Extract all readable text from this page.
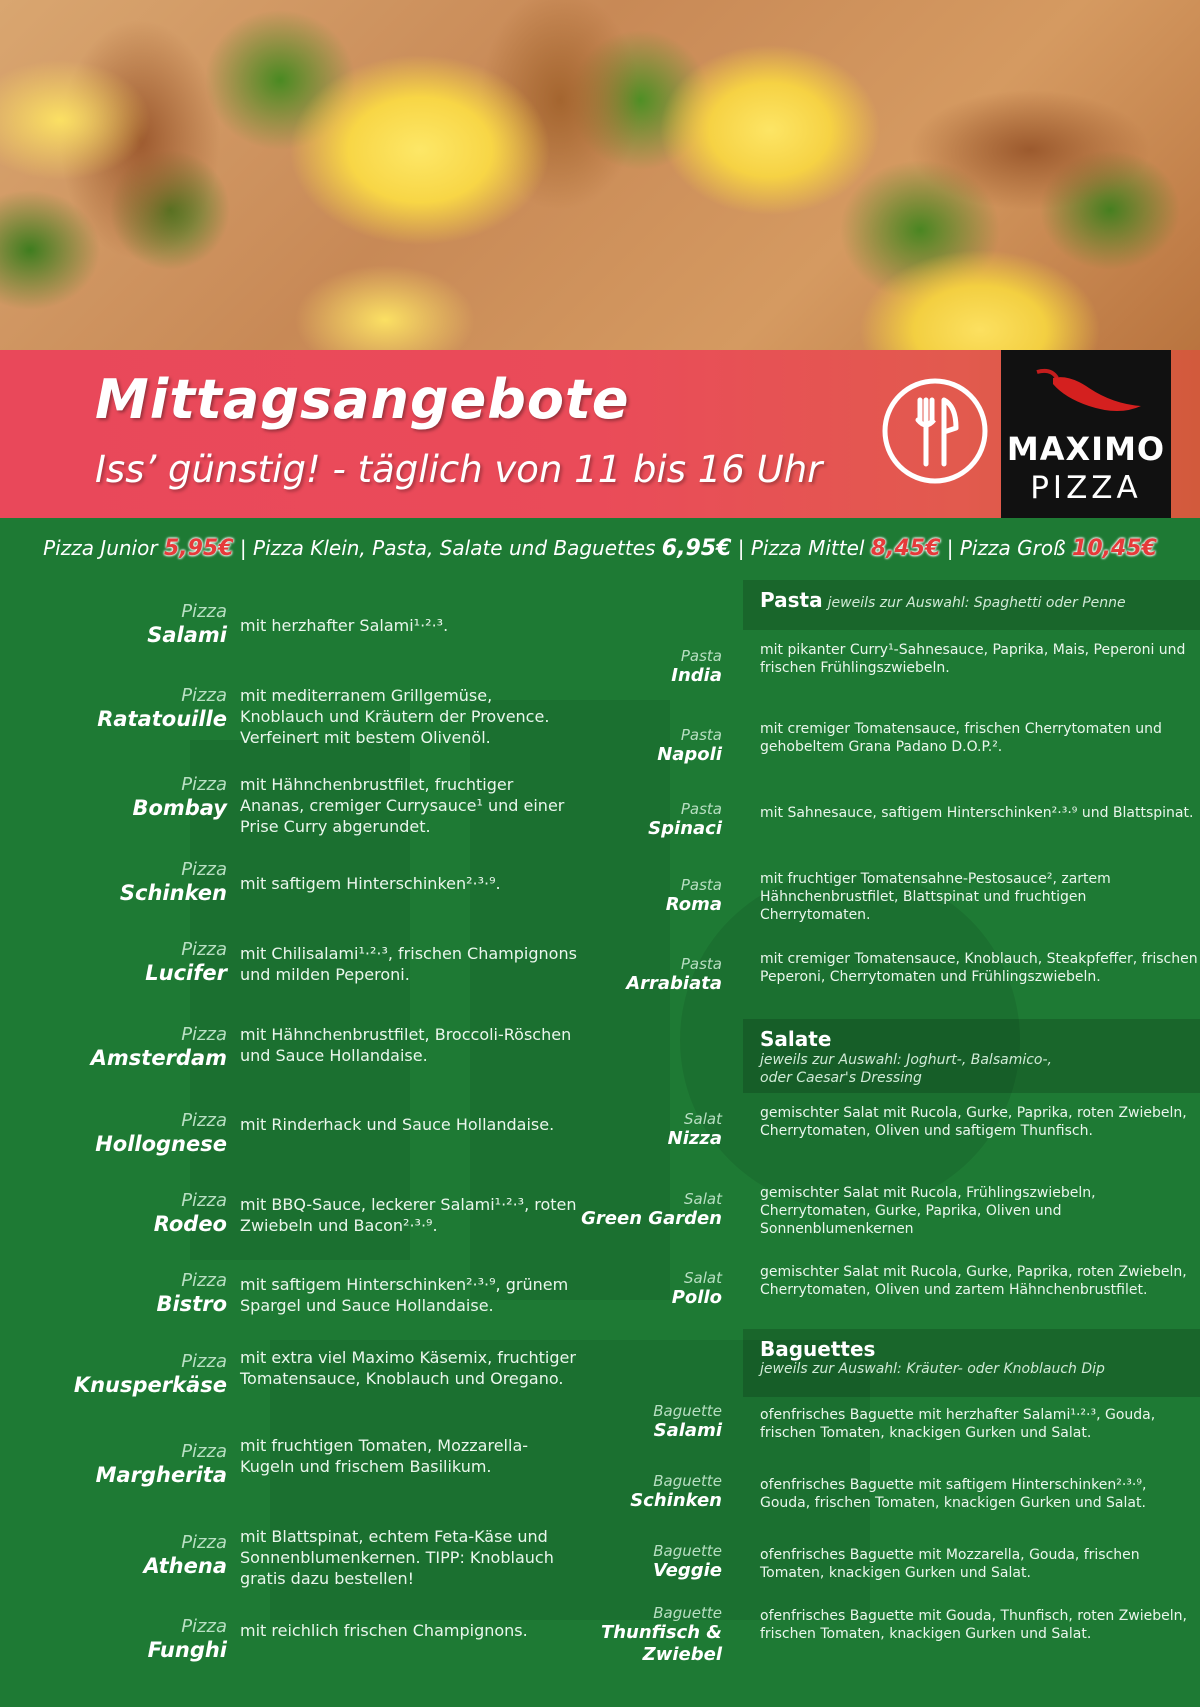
Mittagsangebote
Iss’ günstig! - täglich von 11 bis 16 Uhr	MAXIMO
PIZZA
Pizza Junior 5,95€ | Pizza Klein, Pasta, Salate und Baguettes 6,95€ | Pizza Mittel 8,45€ | Pizza Groß 10,45€
Pizza
Salami mit herzhafter Salami¹·²·³.
Pizza
Ratatouille
mit mediterranem Grillgemüse, Knoblauch und Kräutern der Provence. Verfeinert mit bestem Olivenöl.
Pizza
Bombay
mit Hähnchenbrustfilet, fruchtiger Ananas, cremiger Currysauce¹ und einer Prise Curry abgerundet.
Pizza
Schinken mit saftigem Hinterschinken²·³·⁹.
Pizza
Lucifer
mit Chilisalami¹·²·³, frischen Champignons und milden Peperoni.
Pizza
Amsterdam
mit Hähnchenbrustfilet, Broccoli-Röschen und Sauce Hollandaise.
Pizza
Hollognese
mit Rinderhack und Sauce Hollandaise.
Pizza
Rodeo
mit BBQ-Sauce, leckerer Salami¹·²·³, roten Zwiebeln und Bacon²·³·⁹.
Pizza
Bistro
mit saftigem Hinterschinken²·³·⁹, grünem Spargel und Sauce Hollandaise.
Pizza
Knusperkäse
mit extra viel Maximo Käsemix, fruchtiger Tomatensauce, Knoblauch und Oregano.
Pizza
Margherita
mit fruchtigen Tomaten, Mozzarella-Kugeln und frischem Basilikum.
Pizza
Athena
mit Blattspinat, echtem Feta-Käse und Sonnenblumenkernen. TIPP: Knoblauch gratis dazu bestellen!
Pizza
Funghi
mit reichlich frischen Champignons.
Pasta jeweils zur Auswahl: Spaghetti oder Penne
Pasta
India
mit pikanter Curry¹-Sahnesauce, Paprika, Mais, Peperoni und frischen Frühlingszwiebeln.
Pasta
Napoli
mit cremiger Tomatensauce, frischen Cherrytomaten und gehobeltem Grana Padano D.O.P.².
Pasta
Spinaci
mit Sahnesauce, saftigem Hinterschinken²·³·⁹ und Blattspinat.
Pasta
Roma
mit fruchtiger Tomatensahne-Pestosauce², zartem Hähnchenbrustfilet, Blattspinat und fruchtigen Cherrytomaten.
Pasta
Arrabiata
mit cremiger Tomatensauce, Knoblauch, Steakpfeffer, frischen Peperoni, Cherrytomaten und Frühlingszwiebeln.
Salate
jeweils zur Auswahl: Joghurt-, Balsamico-, oder Caesar's Dressing
Salat
Nizza
gemischter Salat mit Rucola, Gurke, Paprika, roten Zwiebeln, Cherrytomaten, Oliven und saftigem Thunfisch.
Salat
Green Garden
gemischter Salat mit Rucola, Frühlingszwiebeln, Cherrytomaten, Gurke, Paprika, Oliven und Sonnenblumenkernen
Salat
Pollo
gemischter Salat mit Rucola, Gurke, Paprika, roten Zwiebeln, Cherrytomaten, Oliven und zartem Hähnchenbrustfilet.
Baguettes
jeweils zur Auswahl: Kräuter- oder Knoblauch Dip
Baguette
Salami
ofenfrisches Baguette mit herzhafter Salami¹·²·³, Gouda, frischen Tomaten, knackigen Gurken und Salat.
Baguette
Schinken
ofenfrisches Baguette mit saftigem Hinterschinken²·³·⁹, Gouda, frischen Tomaten, knackigen Gurken und Salat.
Baguette
Veggie
ofenfrisches Baguette mit Mozzarella, Gouda, frischen Tomaten, knackigen Gurken und Salat.
Baguette
Thunfisch & Zwiebel
ofenfrisches Baguette mit Gouda, Thunfisch, roten Zwiebeln, frischen Tomaten, knackigen Gurken und Salat.
